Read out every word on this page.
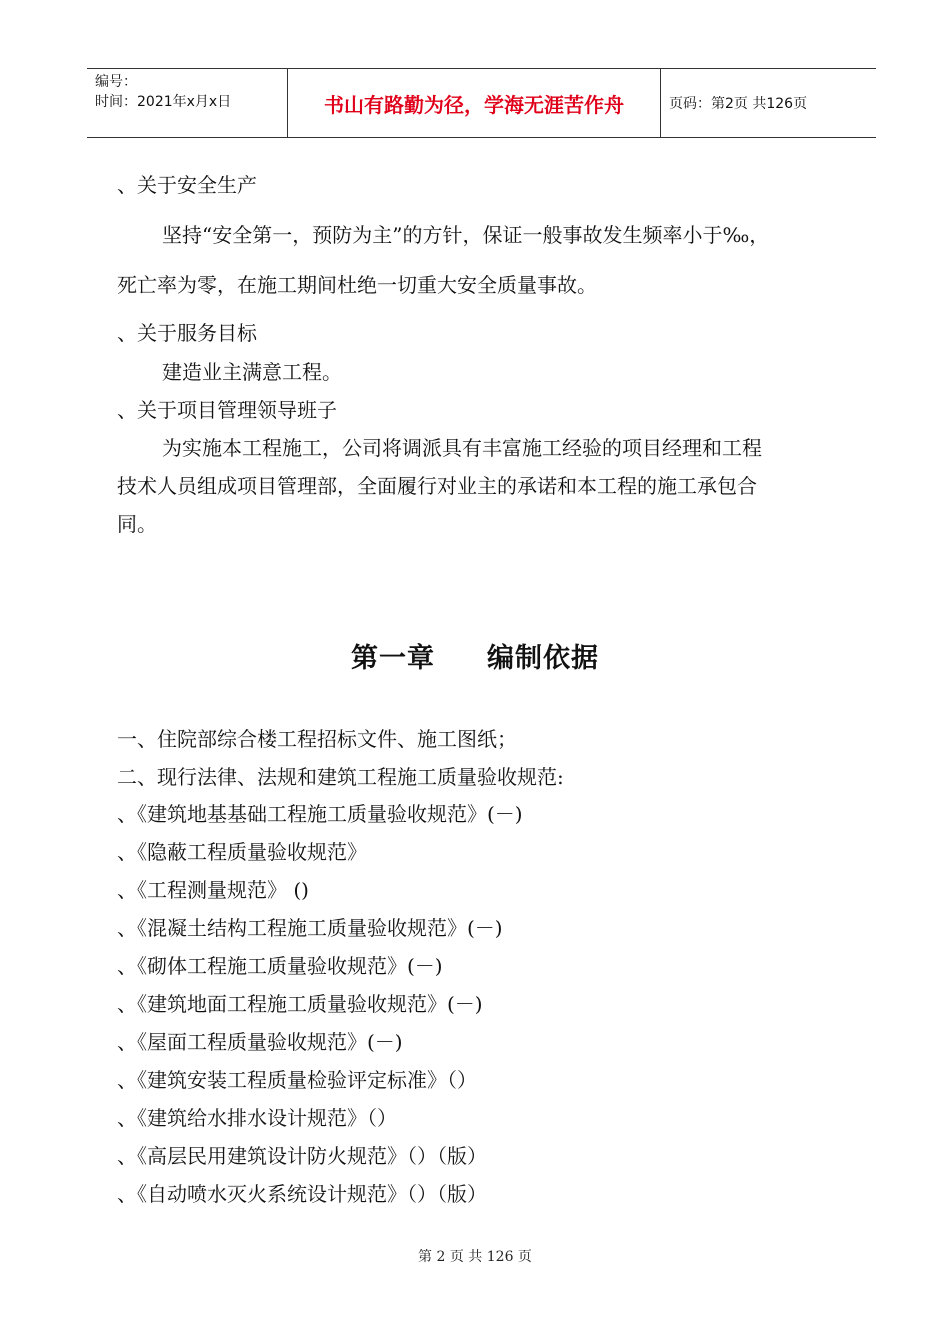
编号：
时间：2021年x月x日	书山有路勤为径，学海无涯苦作舟	页码：第2页 共126页
、关于安全生产
坚持“安全第一，预防为主”的方针，保证一般事故发生频率小于‰，
死亡率为零，在施工期间杜绝一切重大安全质量事故。
、关于服务目标
建造业主满意工程。
、关于项目管理领导班子
为实施本工程施工，公司将调派具有丰富施工经验的项目经理和工程
技术人员组成项目管理部，全面履行对业主的承诺和本工程的施工承包合
同。
第一章 编制依据
一、住院部综合楼工程招标文件、施工图纸；
二、现行法律、法规和建筑工程施工质量验收规范:
、《建筑地基基础工程施工质量验收规范》(－)
、《隐蔽工程质量验收规范》
、《工程测量规范》 ()
、《混凝土结构工程施工质量验收规范》(－)
、《砌体工程施工质量验收规范》(－)
、《建筑地面工程施工质量验收规范》(－)
、《屋面工程质量验收规范》(－)
、《建筑安装工程质量检验评定标准》（）
、《建筑给水排水设计规范》（）
、《高层民用建筑设计防火规范》（）（版）
、《自动喷水灭火系统设计规范》（）（版）
第 2 页 共 126 页
